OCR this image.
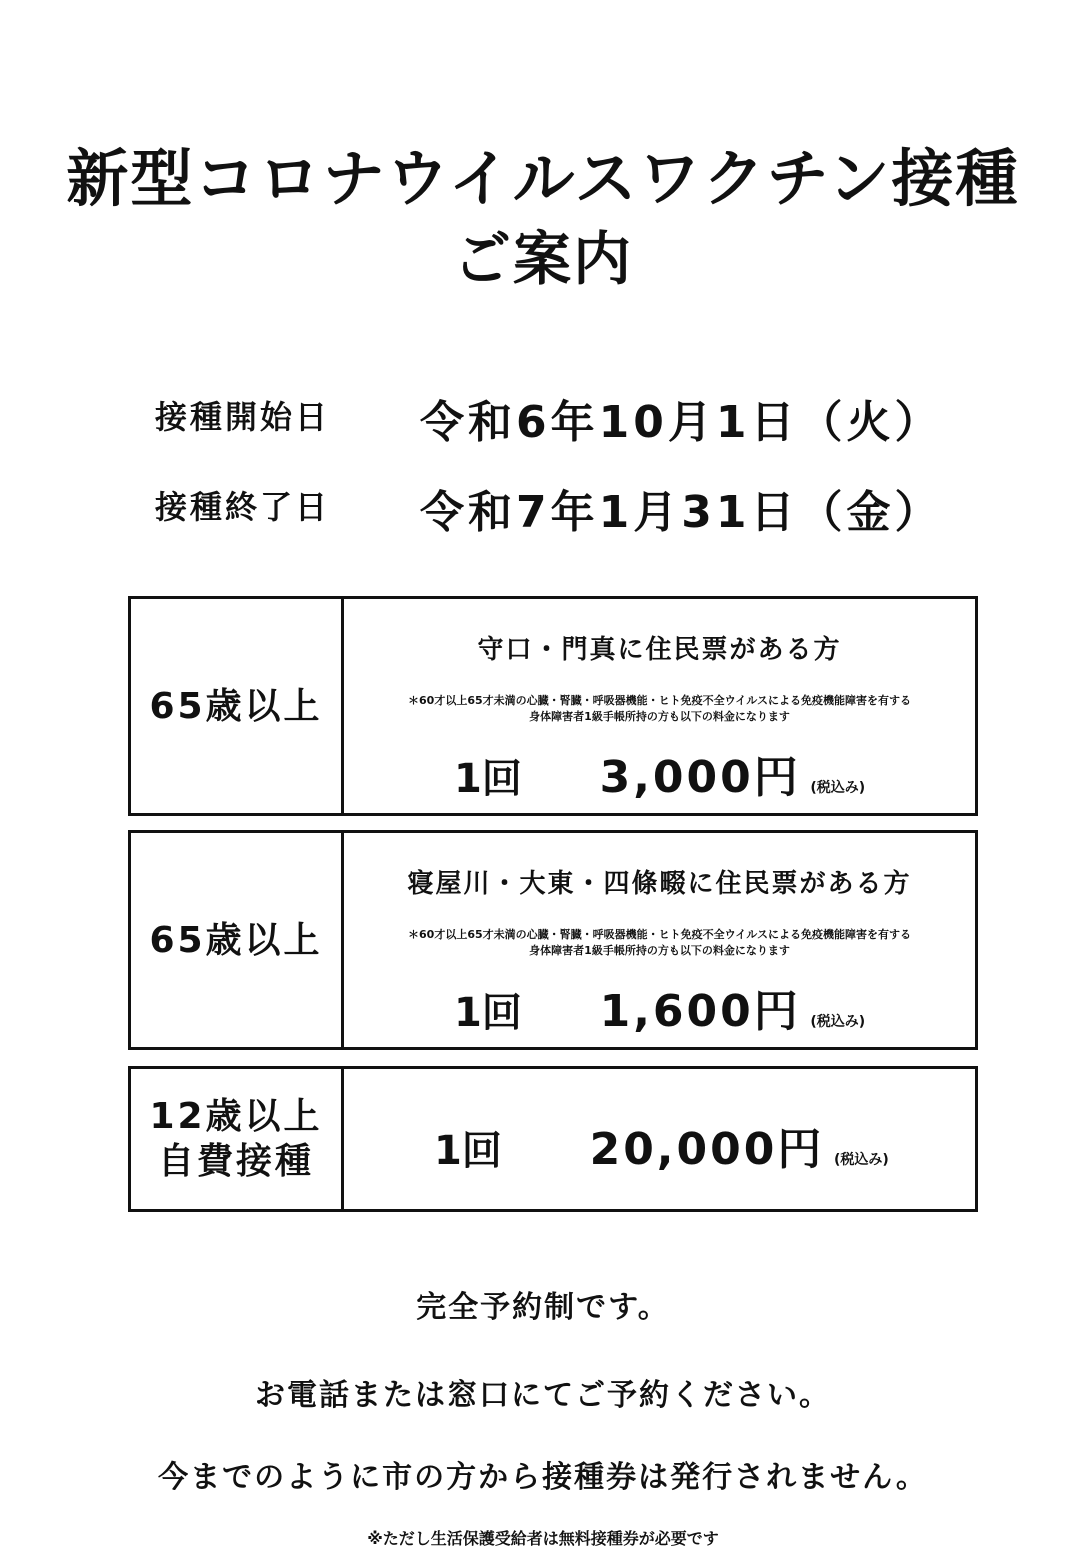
新型コロナウイルスワクチン接種
ご案内
接種開始日 令和6年10月1日（火）
接種終了日 令和7年1月31日（金）
65歳以上
守口・門真に住民票がある方
＊60才以上65才未満の心臓・腎臓・呼吸器機能・ヒト免疫不全ウイルスによる免疫機能障害を有する
身体障害者1級手帳所持の方も以下の料金になります
1回 3,000円 (税込み)
65歳以上
寝屋川・大東・四條畷に住民票がある方
＊60才以上65才未満の心臓・腎臓・呼吸器機能・ヒト免疫不全ウイルスによる免疫機能障害を有する
身体障害者1級手帳所持の方も以下の料金になります
1回 1,600円 (税込み)
12歳以上
自費接種	1回 20,000円 (税込み)
完全予約制です。
お電話または窓口にてご予約ください。
今までのように市の方から接種券は発行されません。
※ただし生活保護受給者は無料接種券が必要です
